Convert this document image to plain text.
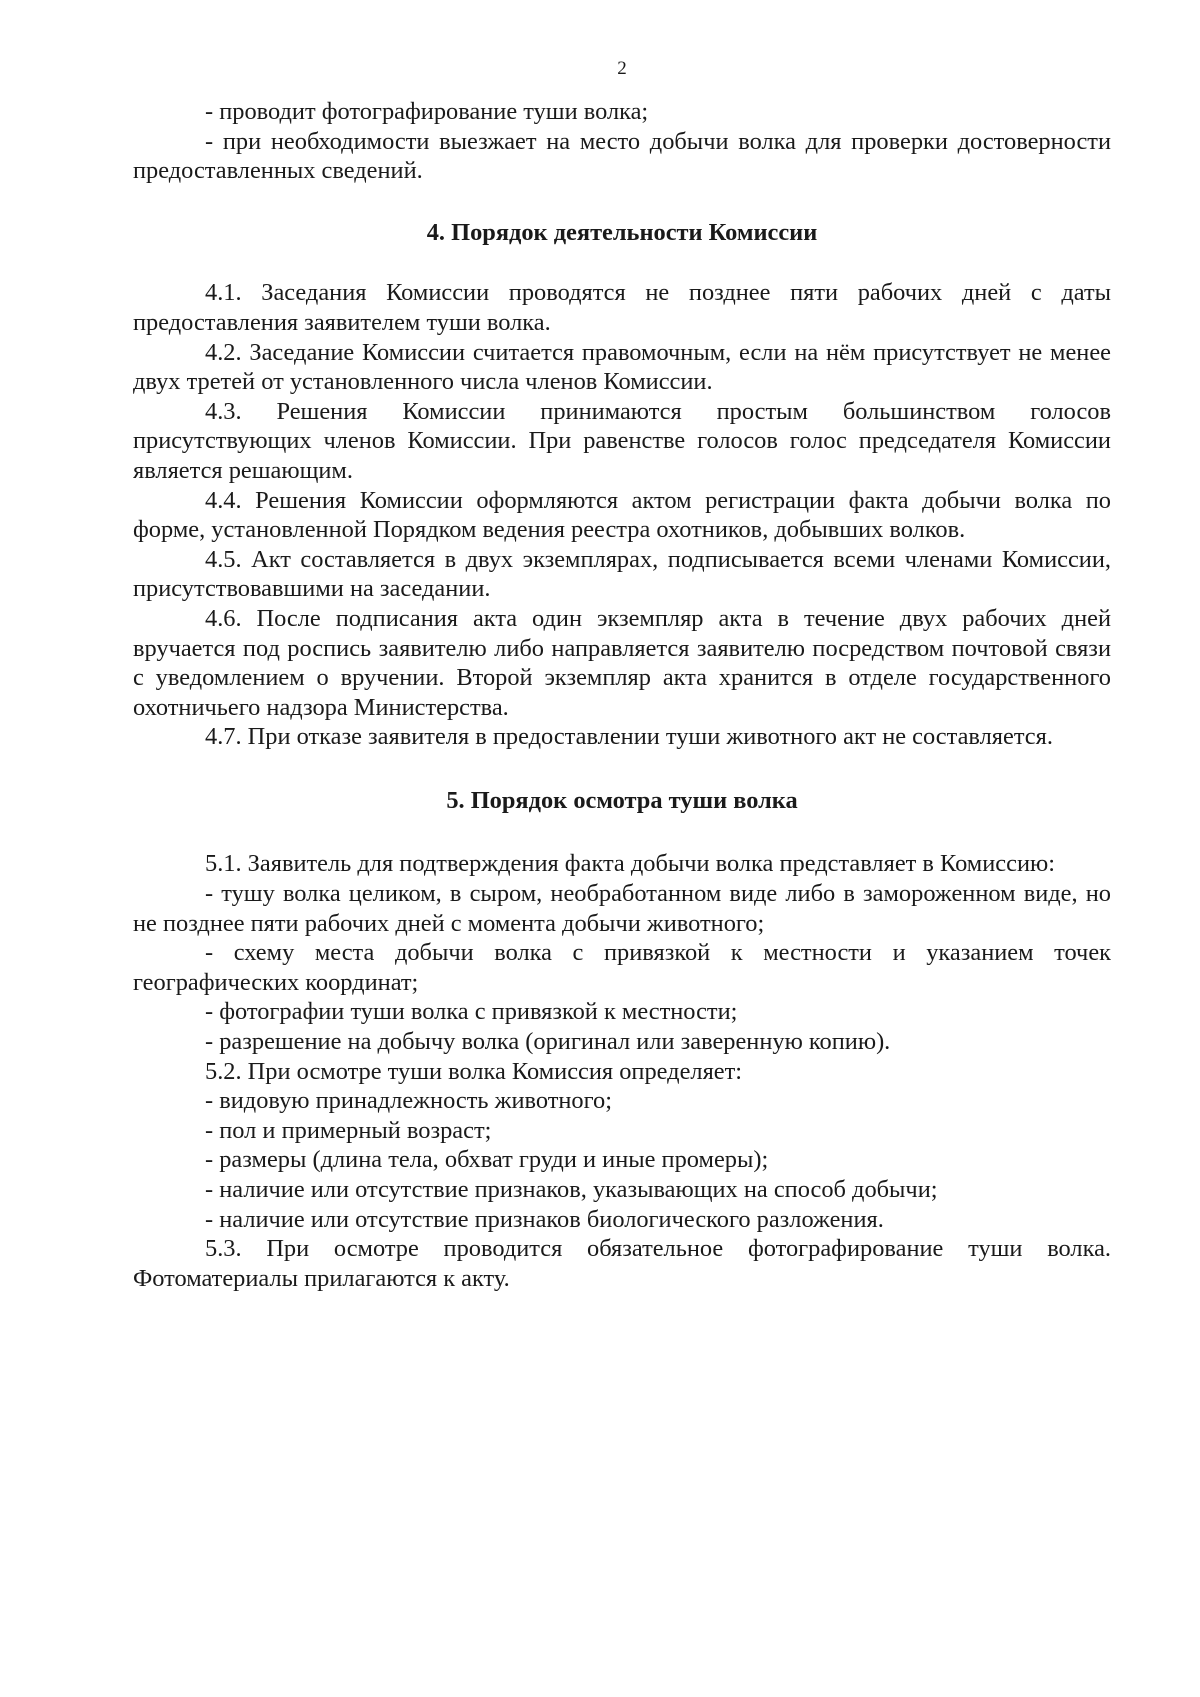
2

- проводит фотографирование туши волка;

- при необходимости выезжает на место добычи волка для проверки достоверности предоставленных сведений.

4. Порядок деятельности Комиссии

4.1. Заседания Комиссии проводятся не позднее пяти рабочих дней с даты предоставления заявителем туши волка.

4.2. Заседание Комиссии считается правомочным, если на нём присутствует не менее двух третей от установленного числа членов Комиссии.

4.3. Решения Комиссии принимаются простым большинством голосов присутствующих членов Комиссии. При равенстве голосов голос председателя Комиссии является решающим.

4.4. Решения Комиссии оформляются актом регистрации факта добычи волка по форме, установленной Порядком ведения реестра охотников, добывших волков.

4.5. Акт составляется в двух экземплярах, подписывается всеми членами Комиссии, присутствовавшими на заседании.

4.6. После подписания акта один экземпляр акта в течение двух рабочих дней вручается под роспись заявителю либо направляется заявителю посредством почтовой связи с уведомлением о вручении. Второй экземпляр акта хранится в отделе государственного охотничьего надзора Министерства.

4.7. При отказе заявителя в предоставлении туши животного акт не составляется.

5. Порядок осмотра туши волка

5.1. Заявитель для подтверждения факта добычи волка представляет в Комиссию:

- тушу волка целиком, в сыром, необработанном виде либо в замороженном виде, но не позднее пяти рабочих дней с момента добычи животного;

- схему места добычи волка с привязкой к местности и указанием точек географических координат;

- фотографии туши волка с привязкой к местности;

- разрешение на добычу волка (оригинал или заверенную копию).

5.2. При осмотре туши волка Комиссия определяет:

- видовую принадлежность животного;

- пол и примерный возраст;

- размеры (длина тела, обхват груди и иные промеры);

- наличие или отсутствие признаков, указывающих на способ добычи;

- наличие или отсутствие признаков биологического разложения.

5.3. При осмотре проводится обязательное фотографирование туши волка. Фотоматериалы прилагаются к акту.
